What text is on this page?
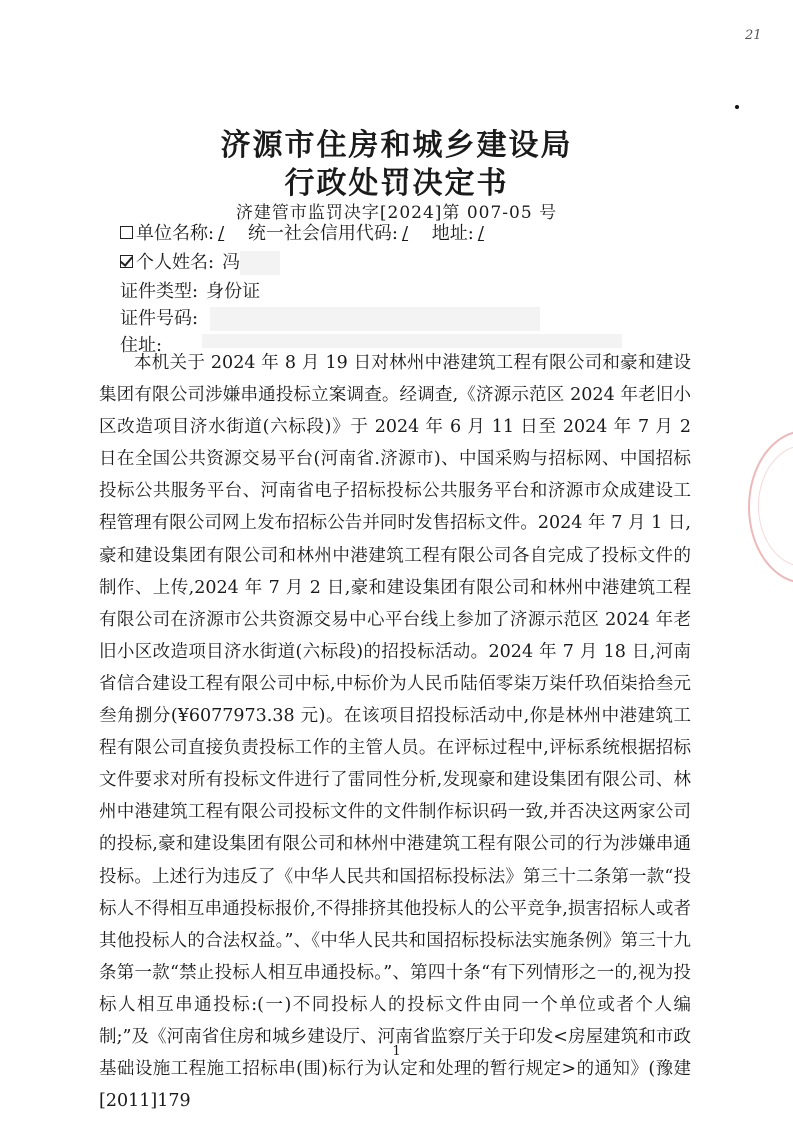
21
济源市住房和城乡建设局
行政处罚决定书
济建管市监罚决字[2024]第 007-05 号
单位名称: / 统一社会信用代码: / 地址: /
个人姓名: 冯
证件类型: 身份证
证件号码:
住址:

本机关于 2024 年 8 月 19 日对林州中港建筑工程有限公司和豪和建设集团有限公司涉嫌串通投标立案调查。经调查,《济源示范区 2024 年老旧小区改造项目济水街道(六标段)》于 2024 年 6 月 11 日至 2024 年 7 月 2 日在全国公共资源交易平台(河南省.济源市)、中国采购与招标网、中国招标投标公共服务平台、河南省电子招标投标公共服务平台和济源市众成建设工程管理有限公司网上发布招标公告并同时发售招标文件。2024 年 7 月 1 日,豪和建设集团有限公司和林州中港建筑工程有限公司各自完成了投标文件的制作、上传,2024 年 7 月 2 日,豪和建设集团有限公司和林州中港建筑工程有限公司在济源市公共资源交易中心平台线上参加了济源示范区 2024 年老旧小区改造项目济水街道(六标段)的招投标活动。2024 年 7 月 18 日,河南省信合建设工程有限公司中标,中标价为人民币陆佰零柒万柒仟玖佰柒拾叁元叁角捌分(¥6077973.38 元)。在该项目招投标活动中,你是林州中港建筑工程有限公司直接负责投标工作的主管人员。在评标过程中,评标系统根据招标文件要求对所有投标文件进行了雷同性分析,发现豪和建设集团有限公司、林州中港建筑工程有限公司投标文件的文件制作标识码一致,并否决这两家公司的投标,豪和建设集团有限公司和林州中港建筑工程有限公司的行为涉嫌串通投标。上述行为违反了《中华人民共和国招标投标法》第三十二条第一款“投标人不得相互串通投标报价,不得排挤其他投标人的公平竞争,损害招标人或者其他投标人的合法权益。”、《中华人民共和国招标投标法实施条例》第三十九条第一款“禁止投标人相互串通投标。”、第四十条“有下列情形之一的,视为投标人相互串通投标:(一)不同投标人的投标文件由同一个单位或者个人编制;”及《河南省住房和城乡建设厅、河南省监察厅关于印发<房屋建筑和市政基础设施工程施工招标串(围)标行为认定和处理的暂行规定>的通知》(豫建[2011]179

1
